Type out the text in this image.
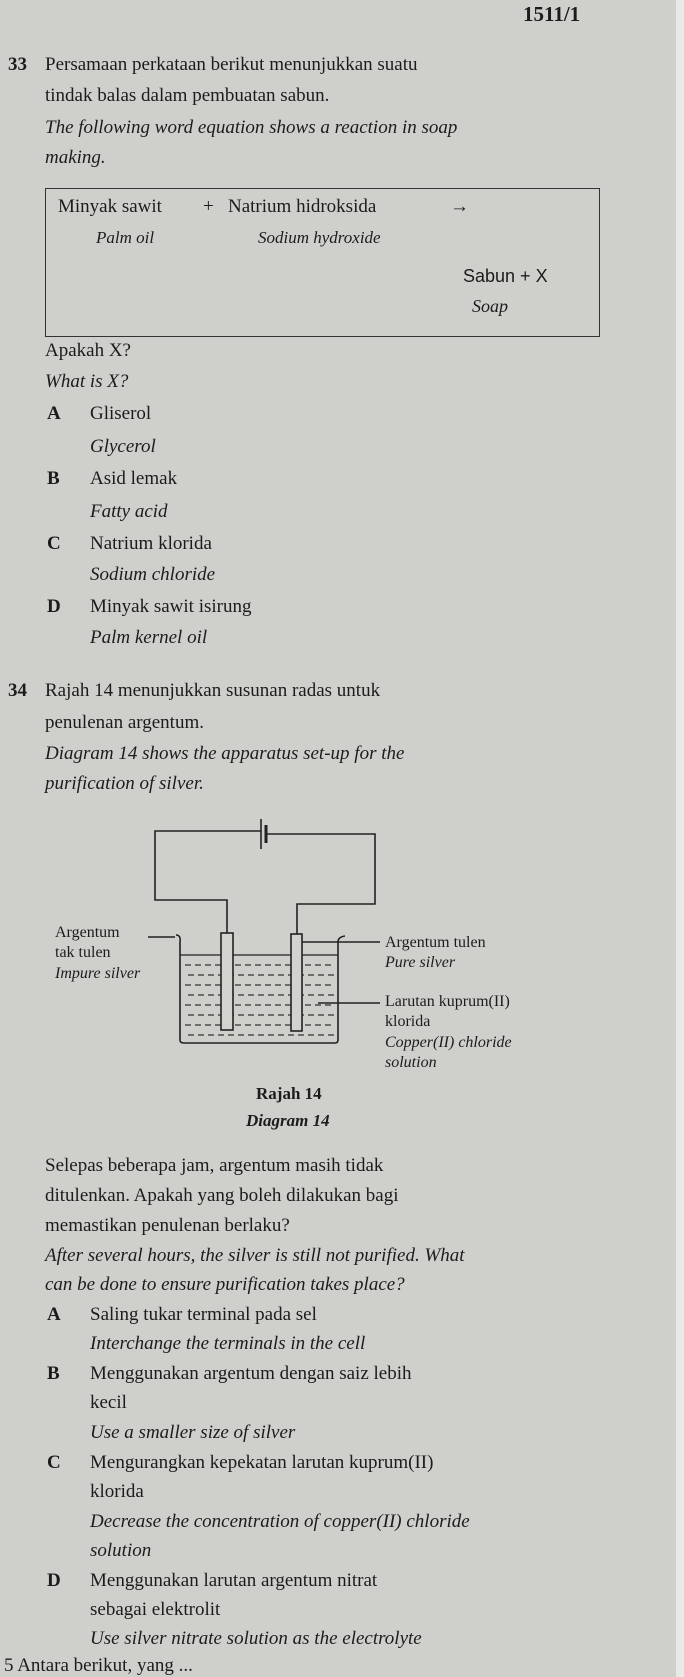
1511/1
33 Persamaan perkataan berikut menunjukkan suatu
tindak balas dalam pembuatan sabun.
The following word equation shows a reaction in soap
making.
Minyak sawit + Natrium hidroksida	→
Palm oil	Sodium hydroxide
Sabun + X
Soap
Apakah X?
What is X?
A Gliserol
Glycerol
B Asid lemak
Fatty acid
C Natrium klorida
Sodium chloride
D Minyak sawit isirung
Palm kernel oil
34 Rajah 14 menunjukkan susunan radas untuk
penulenan argentum.
Diagram 14 shows the apparatus set-up for the
purification of silver.
Argentum
tak tulen
Impure silver
Argentum tulen
Pure silver
Larutan kuprum(II)
klorida
Copper(II) chloride
solution
Rajah 14
Diagram 14
Selepas beberapa jam, argentum masih tidak
ditulenkan. Apakah yang boleh dilakukan bagi
memastikan penulenan berlaku?
After several hours, the silver is still not purified. What
can be done to ensure purification takes place?
A Saling tukar terminal pada sel
Interchange the terminals in the cell
B Menggunakan argentum dengan saiz lebih
kecil
Use a smaller size of silver
C Mengurangkan kepekatan larutan kuprum(II)
klorida
Decrease the concentration of copper(II) chloride
solution
D Menggunakan larutan argentum nitrat
sebagai elektrolit
Use silver nitrate solution as the electrolyte
5 Antara berikut, yang ...
